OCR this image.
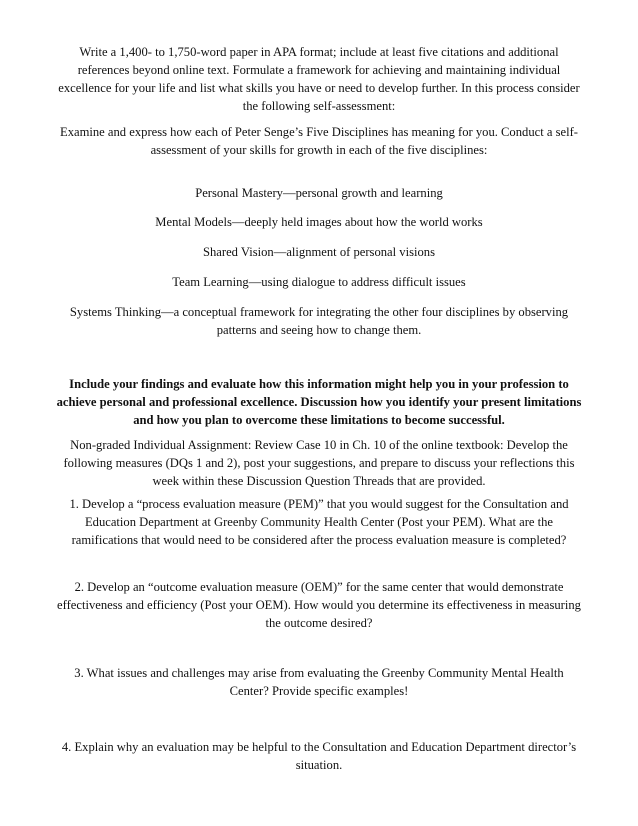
Write a 1,400- to 1,750-word paper in APA format; include at least five citations and additional references beyond online text. Formulate a framework for achieving and maintaining individual excellence for your life and list what skills you have or need to develop further. In this process consider the following self-assessment:

Examine and express how each of Peter Senge’s Five Disciplines has meaning for you. Conduct a self-assessment of your skills for growth in each of the five disciplines:

Personal Mastery—personal growth and learning

Mental Models—deeply held images about how the world works

Shared Vision—alignment of personal visions

Team Learning—using dialogue to address difficult issues

Systems Thinking—a conceptual framework for integrating the other four disciplines by observing patterns and seeing how to change them.

Include your findings and evaluate how this information might help you in your profession to achieve personal and professional excellence. Discussion how you identify your present limitations and how you plan to overcome these limitations to become successful.

Non-graded Individual Assignment: Review Case 10 in Ch. 10 of the online textbook: Develop the following measures (DQs 1 and 2), post your suggestions, and prepare to discuss your reflections this week within these Discussion Question Threads that are provided.

1. Develop a “process evaluation measure (PEM)” that you would suggest for the Consultation and Education Department at Greenby Community Health Center (Post your PEM). What are the ramifications that would need to be considered after the process evaluation measure is completed?

2. Develop an “outcome evaluation measure (OEM)” for the same center that would demonstrate effectiveness and efficiency (Post your OEM). How would you determine its effectiveness in measuring the outcome desired?

3. What issues and challenges may arise from evaluating the Greenby Community Mental Health Center? Provide specific examples!

4. Explain why an evaluation may be helpful to the Consultation and Education Department director’s situation.
